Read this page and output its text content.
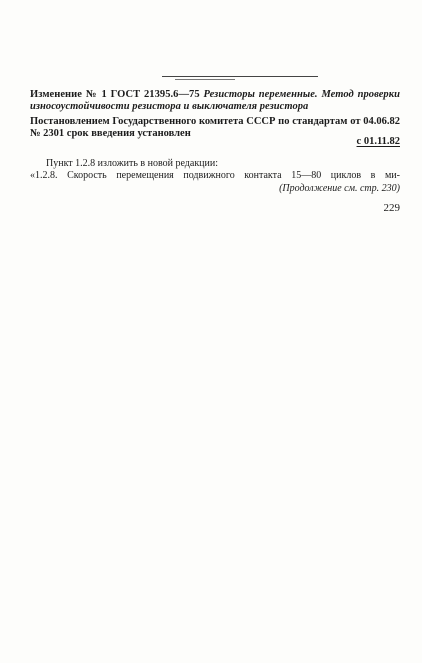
Изменение № 1 ГОСТ 21395.6—75 Резисторы переменные. Метод проверки износоустойчивости резистора и выключателя резистора
Постановлением Государственного комитета СССР по стандартам от 04.06.82 № 2301 срок введения установлен
с 01.11.82
Пункт 1.2.8 изложить в новой редакции:
«1.2.8. Скорость перемещения подвижного контакта 15—80 циклов в ми-
(Продолжение см. стр. 230)
229
